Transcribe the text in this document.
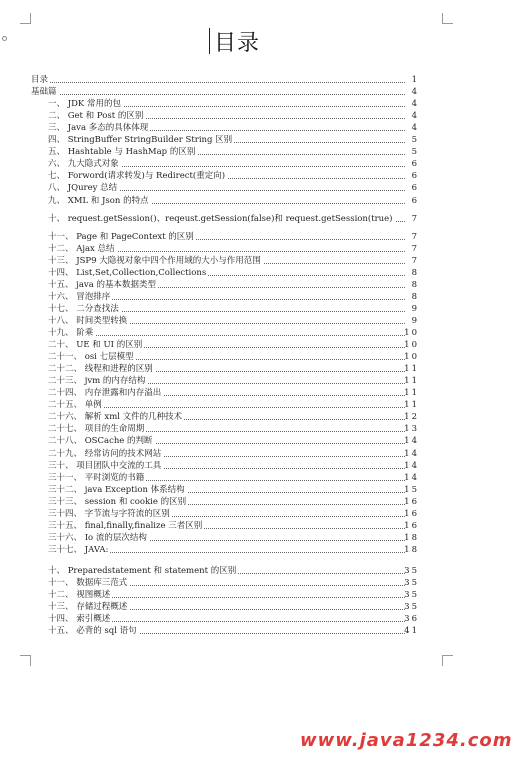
目录
目录	1
基础篇	4
一、 JDK 常用的包	4
二、 Get 和 Post 的区别	4
三、 Java 多态的具体体现	4
四、 StringBuffer StringBuilder String 区别	5
五、 Hashtable 与 HashMap 的区别	5
六、 九大隐式对象	6
七、 Forword(请求转发)与 Redirect(重定向)	6
八、 JQurey 总结	6
九、 XML 和 Json 的特点	6
十、 request.getSession()、reqeust.getSession(false)和 request.getSession(true) 7
十一、 Page 和 PageContext 的区别	7
十二、 Ajax 总结	7
十三、 JSP9 大隐视对象中四个作用域的大小与作用范围	7
十四、 List,Set,Collection,Collections	8
十五、 java 的基本数据类型	8
十六、 冒泡排序	8
十七、 二分查找法	9
十八、 时间类型转换	9
十九、 阶乘	10
二十、 UE 和 UI 的区别	10
二十一、 osi 七层模型	10
二十二、 线程和进程的区别	11
二十三、 jvm 的内存结构	11
二十四、 内存泄露和内存溢出	11
二十五、 单例	11
二十六、 解析 xml 文件的几种技术	12
二十七、 项目的生命周期	13
二十八、 OSCache 的判断	14
二十九、 经常访问的技术网站	14
三十、 项目团队中交流的工具	14
三十一、 平时浏览的书籍	14
三十二、 java Exception 体系结构	15
三十三、 session 和 cookie 的区别	16
三十四、 字节流与字符流的区别	16
三十五、 final,finally,finalize 三者区别	16
三十六、 Io 流的层次结构	18
三十七、 JAVA:	18
十、 Preparedstatement 和 statement 的区别	35
十一、 数据库三范式	35
十二、 视图概述	35
十三、 存储过程概述	35
十四、 索引概述	36
十五、 必背的 sql 语句	41
www.java1234.com
